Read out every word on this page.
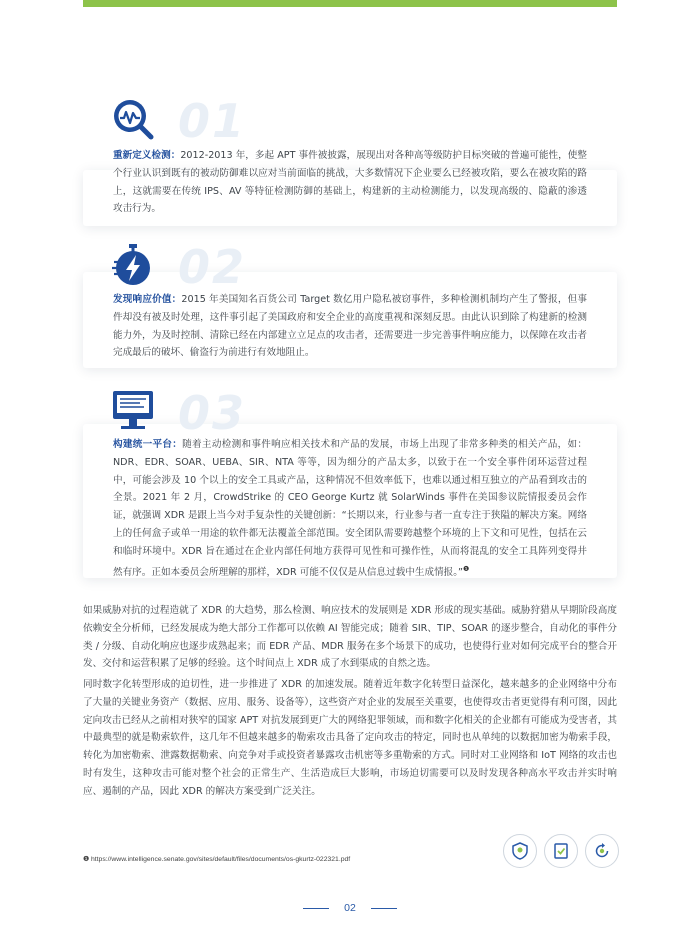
重新定义检测：2012-2013 年，多起 APT 事件被披露，展现出对各种高等级防护目标突破的普遍可能性，使整个行业认识到既有的被动防御难以应对当前面临的挑战，大多数情况下企业要么已经被攻陷，要么在被攻陷的路上，这就需要在传统 IPS、AV 等特征检测防御的基础上，构建新的主动检测能力，以发现高级的、隐蔽的渗透攻击行为。
01
发现响应价值：2015 年美国知名百货公司 Target 数亿用户隐私被窃事件，多种检测机制均产生了警报，但事件却没有被及时处理，这件事引起了美国政府和安全企业的高度重视和深刻反思。由此认识到除了构建新的检测能力外，为及时控制、清除已经在内部建立立足点的攻击者，还需要进一步完善事件响应能力，以保障在攻击者完成最后的破坏、偷盗行为前进行有效地阻止。
02
构建统一平台：随着主动检测和事件响应相关技术和产品的发展，市场上出现了非常多种类的相关产品，如：NDR、EDR、SOAR、UEBA、SIR、NTA 等等，因为细分的产品太多，以致于在一个安全事件闭环运营过程中，可能会涉及 10 个以上的安全工具或产品，这种情况不但效率低下，也难以通过相互独立的产品看到攻击的全景。2021 年 2 月，CrowdStrike 的 CEO George Kurtz 就 SolarWinds 事件在美国参议院情报委员会作证，就强调 XDR 是跟上当今对手复杂性的关键创新：“长期以来，行业参与者一直专注于狭隘的解决方案。网络上的任何盒子或单一用途的软件都无法覆盖全部范围。安全团队需要跨越整个环境的上下文和可见性，包括在云和临时环境中。XDR 旨在通过在企业内部任何地方获得可见性和可操作性，从而将混乱的安全工具阵列变得井然有序。正如本委员会所理解的那样，XDR 可能不仅仅是从信息过载中生成情报。”$^❶$
03
如果威胁对抗的过程造就了 XDR 的大趋势，那么检测、响应技术的发展则是 XDR 形成的现实基础。威胁狩猎从早期阶段高度依赖安全分析师，已经发展成为绝大部分工作都可以依赖 AI 智能完成；随着 SIR、TIP、SOAR 的逐步整合，自动化的事件分类 / 分级、自动化响应也逐步成熟起来；而 EDR 产品、MDR 服务在多个场景下的成功，也使得行业对如何完成平台的整合开发、交付和运营积累了足够的经验。这个时间点上 XDR 成了水到渠成的自然之选。
同时数字化转型形成的迫切性，进一步推进了 XDR 的加速发展。随着近年数字化转型日益深化，越来越多的企业网络中分布了大量的关键业务资产（数据、应用、服务、设备等），这些资产对企业的发展至关重要，也使得攻击者更觉得有利可图，因此定向攻击已经从之前相对狭窄的国家 APT 对抗发展到更广大的网络犯罪领域，而和数字化相关的企业都有可能成为受害者，其中最典型的就是勒索软件，这几年不但越来越多的勒索攻击具备了定向攻击的特定，同时也从单纯的以数据加密为勒索手段，转化为加密勒索、泄露数据勒索、向竞争对手或投资者暴露攻击机密等多重勒索的方式。同时对工业网络和 IoT 网络的攻击也时有发生，这种攻击可能对整个社会的正常生产、生活造成巨大影响，市场迫切需要可以及时发现各种高水平攻击并实时响应、遏制的产品，因此 XDR 的解决方案受到广泛关注。
❶ https://www.intelligence.senate.gov/sites/default/files/documents/os-gkurtz-022321.pdf
02
